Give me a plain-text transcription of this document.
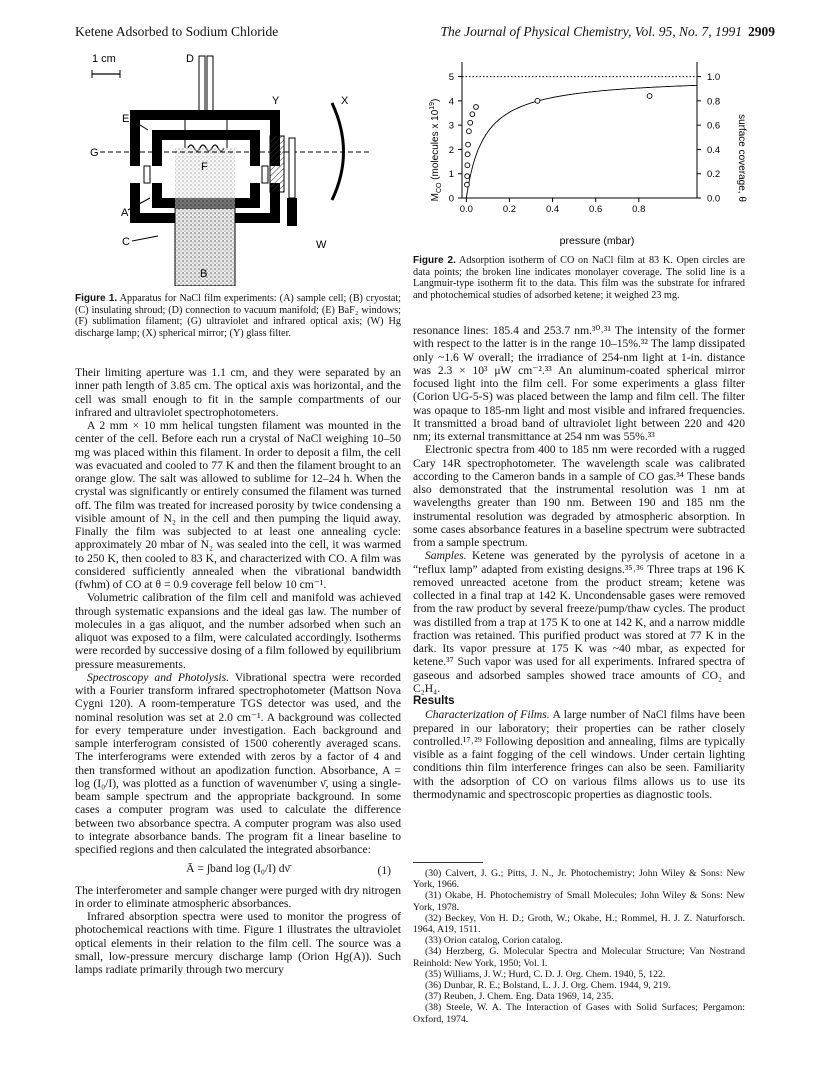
Ketene Adsorbed to Sodium Chloride	The Journal of Physical Chemistry, Vol. 95, No. 7, 1991 2909
1 cm	D
E
G
F
A
C
B
Y	X
W
Figure 1. Apparatus for NaCl film experiments: (A) sample cell; (B) cryostat; (C) insulating shroud; (D) connection to vacuum manifold; (E) BaF₂ windows; (F) sublimation filament; (G) ultraviolet and infrared optical axis; (W) Hg discharge lamp; (X) spherical mirror; (Y) glass filter.
0.0	0.2	0.4	0.6	0.8
0
1
2
3
4
5
0.0
0.2
0.4
0.6
0.8
1.0
pressure (mbar)
$M_{CO}$ (molecules x $10^{19}$)
surface coverage, θ
Figure 2. Adsorption isotherm of CO on NaCl film at 83 K. Open circles are data points; the broken line indicates monolayer coverage. The solid line is a Langmuir-type isotherm fit to the data. This film was the substrate for infrared and photochemical studies of adsorbed ketene; it weighed 23 mg.

Their limiting aperture was 1.1 cm, and they were separated by an inner path length of 3.85 cm. The optical axis was horizontal, and the cell was small enough to fit in the sample compartments of our infrared and ultraviolet spectrophotometers.

A 2 mm × 10 mm helical tungsten filament was mounted in the center of the cell. Before each run a crystal of NaCl weighing 10–50 mg was placed within this filament. In order to deposit a film, the cell was evacuated and cooled to 77 K and then the filament brought to an orange glow. The salt was allowed to sublime for 12–24 h. When the crystal was significantly or entirely consumed the filament was turned off. The film was treated for increased porosity by twice condensing a visible amount of N₂ in the cell and then pumping the liquid away. Finally the film was subjected to at least one annealing cycle: approximately 20 mbar of N₂ was sealed into the cell, it was warmed to 250 K, then cooled to 83 K, and characterized with CO. A film was considered sufficiently annealed when the vibrational bandwidth (fwhm) of CO at θ = 0.9 coverage fell below 10 cm⁻¹.

Volumetric calibration of the film cell and manifold was achieved through systematic expansions and the ideal gas law. The number of molecules in a gas aliquot, and the number adsorbed when such an aliquot was exposed to a film, were calculated accordingly. Isotherms were recorded by successive dosing of a film followed by equilibrium pressure measurements.

Spectroscopy and Photolysis. Vibrational spectra were recorded with a Fourier transform infrared spectrophotometer (Mattson Nova Cygni 120). A room-temperature TGS detector was used, and the nominal resolution was set at 2.0 cm⁻¹. A background was collected for every temperature under investigation. Each background and sample interferogram consisted of 1500 coherently averaged scans. The interferograms were extended with zeros by a factor of 4 and then transformed without an apodization function. Absorbance, A = log (I₀/I), was plotted as a function of wavenumber ν̄, using a single-beam sample spectrum and the appropriate background. In some cases a computer program was used to calculate the difference between two absorbance spectra. A computer program was also used to integrate absorbance bands. The program fit a linear baseline to specified regions and then calculated the integrated absorbance:

Ā = ∫band log (I₀/I) dν̄	(1)

The interferometer and sample changer were purged with dry nitrogen in order to eliminate atmospheric absorbances.

Infrared absorption spectra were used to monitor the progress of photochemical reactions with time. Figure 1 illustrates the ultraviolet optical elements in their relation to the film cell. The source was a small, low-pressure mercury discharge lamp (Orion Hg(A)). Such lamps radiate primarily through two mercury

resonance lines: 185.4 and 253.7 nm.³⁰˒³¹ The intensity of the former with respect to the latter is in the range 10–15%.³² The lamp dissipated only ~1.6 W overall; the irradiance of 254-nm light at 1-in. distance was 2.3 × 10³ μW cm⁻².³³ An aluminum-coated spherical mirror focused light into the film cell. For some experiments a glass filter (Corion UG-5-S) was placed between the lamp and film cell. The filter was opaque to 185-nm light and most visible and infrared frequencies. It transmitted a broad band of ultraviolet light between 220 and 420 nm; its external transmittance at 254 nm was 55%.³³

Electronic spectra from 400 to 185 nm were recorded with a rugged Cary 14R spectrophotometer. The wavelength scale was calibrated according to the Cameron bands in a sample of CO gas.³⁴ These bands also demonstrated that the instrumental resolution was 1 nm at wavelengths greater than 190 nm. Between 190 and 185 nm the instrumental resolution was degraded by atmospheric absorption. In some cases absorbance features in a baseline spectrum were subtracted from a sample spectrum.

Samples. Ketene was generated by the pyrolysis of acetone in a “reflux lamp” adapted from existing designs.³⁵˒³⁶ Three traps at 196 K removed unreacted acetone from the product stream; ketene was collected in a final trap at 142 K. Uncondensable gases were removed from the raw product by several freeze/pump/thaw cycles. The product was distilled from a trap at 175 K to one at 142 K, and a narrow middle fraction was retained. This purified product was stored at 77 K in the dark. Its vapor pressure at 175 K was ~40 mbar, as expected for ketene.³⁷ Such vapor was used for all experiments. Infrared spectra of gaseous and adsorbed samples showed trace amounts of CO₂ and C₂H₄.

Results

Characterization of Films. A large number of NaCl films have been prepared in our laboratory; their properties can be rather closely controlled.¹⁷˒²⁹ Following deposition and annealing, films are typically visible as a faint fogging of the cell windows. Under certain lighting conditions thin film interference fringes can also be seen. Familiarity with the adsorption of CO on various films allows us to use its thermodynamic and spectroscopic properties as diagnostic tools.

(30) Calvert, J. G.; Pitts, J. N., Jr. Photochemistry; John Wiley & Sons: New York, 1966.
(31) Okabe, H. Photochemistry of Small Molecules; John Wiley & Sons: New York, 1978.
(32) Beckey, Von H. D.; Groth, W.; Okabe, H.; Rommel, H. J. Z. Naturforsch. 1964, A19, 1511.
(33) Orion catalog, Corion catalog.
(34) Herzberg, G. Molecular Spectra and Molecular Structure; Van Nostrand Reinhold: New York, 1950; Vol. I.
(35) Williams, J. W.; Hurd, C. D. J. Org. Chem. 1940, 5, 122.
(36) Dunbar, R. E.; Bolstand, L. J. J. Org. Chem. 1944, 9, 219.
(37) Reuben, J. Chem. Eng. Data 1969, 14, 235.
(38) Steele, W. A. The Interaction of Gases with Solid Surfaces; Pergamon: Oxford, 1974.
